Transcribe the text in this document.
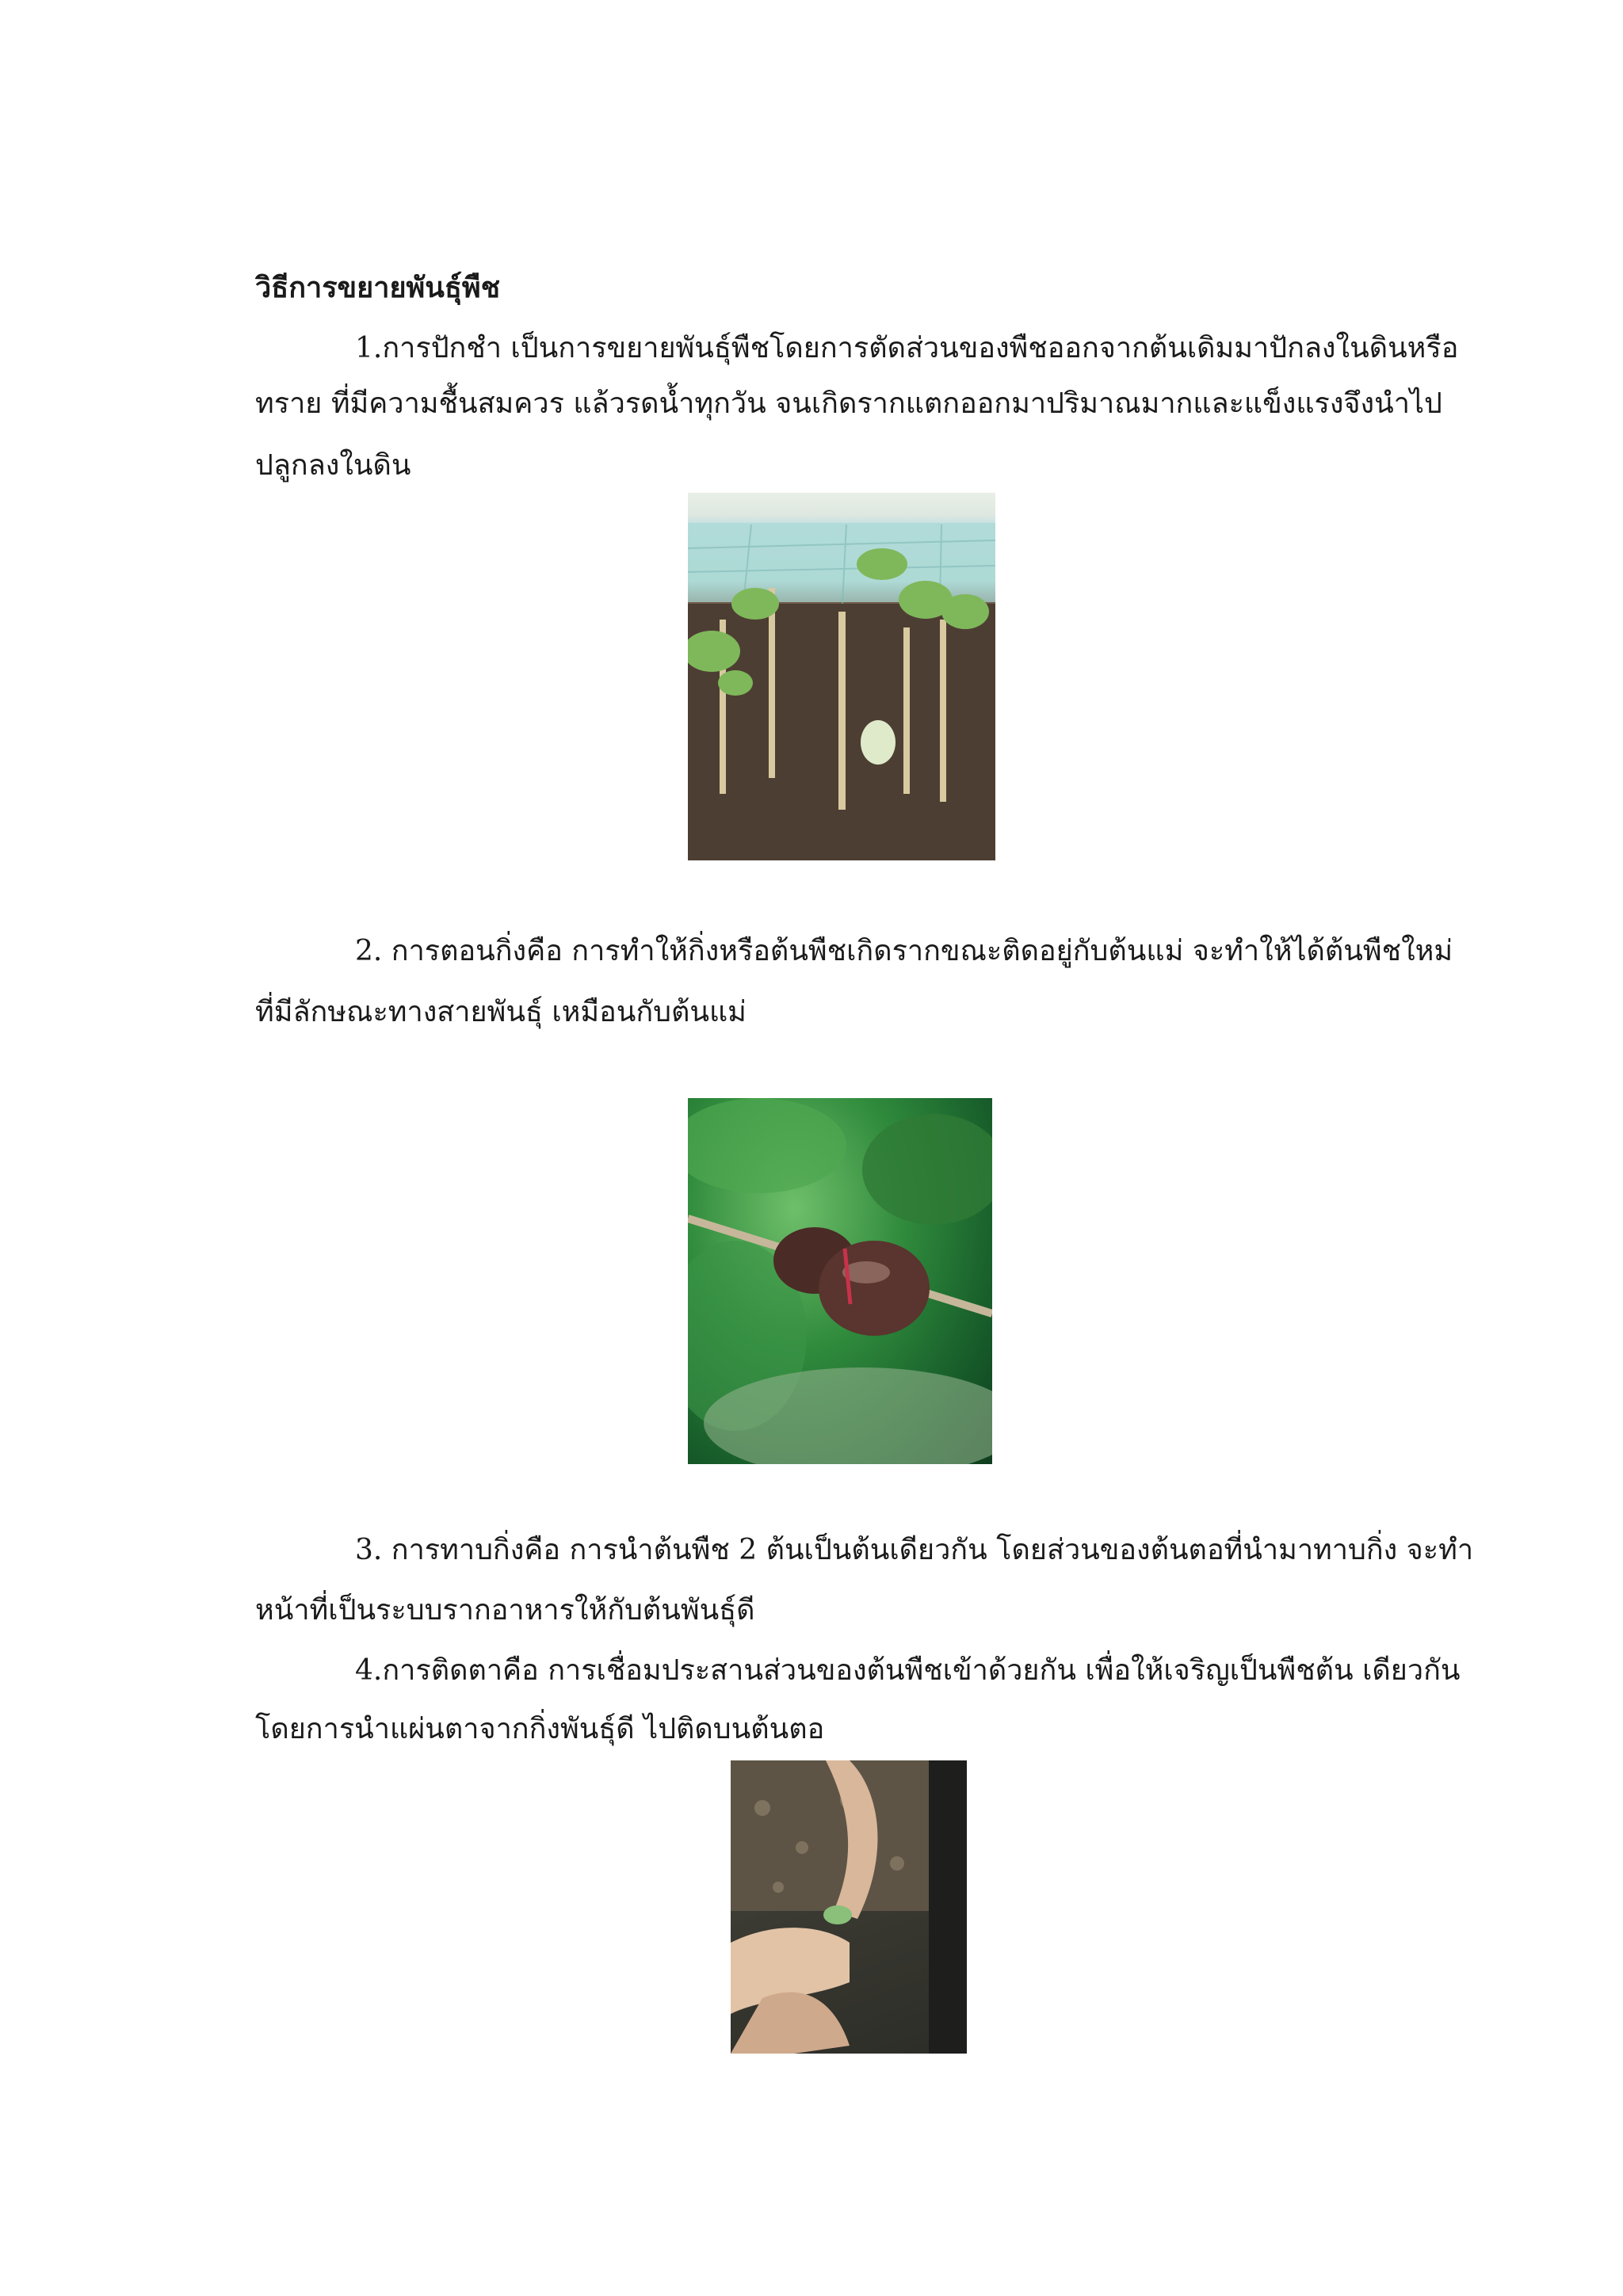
วิธีการขยายพันธุ์พืช
1.การปักชำ เป็นการขยายพันธุ์พืชโดยการตัดส่วนของพืชออกจากต้นเดิมมาปักลงในดินหรือ
ทราย ที่มีความชื้นสมควร แล้วรดน้ำทุกวัน จนเกิดรากแตกออกมาปริมาณมากและแข็งแรงจึงนำไป
ปลูกลงในดิน
2. การตอนกิ่งคือ การทำให้กิ่งหรือต้นพืชเกิดรากขณะติดอยู่กับต้นแม่ จะทำให้ได้ต้นพืชใหม่
ที่มีลักษณะทางสายพันธุ์ เหมือนกับต้นแม่
3. การทาบกิ่งคือ การนำต้นพืช 2 ต้นเป็นต้นเดียวกัน โดยส่วนของต้นตอที่นำมาทาบกิ่ง จะทำ
หน้าที่เป็นระบบรากอาหารให้กับต้นพันธุ์ดี
4.การติดตาคือ การเชื่อมประสานส่วนของต้นพืชเข้าด้วยกัน เพื่อให้เจริญเป็นพืชต้น เดียวกัน
โดยการนำแผ่นตาจากกิ่งพันธุ์ดี ไปติดบนต้นตอ
